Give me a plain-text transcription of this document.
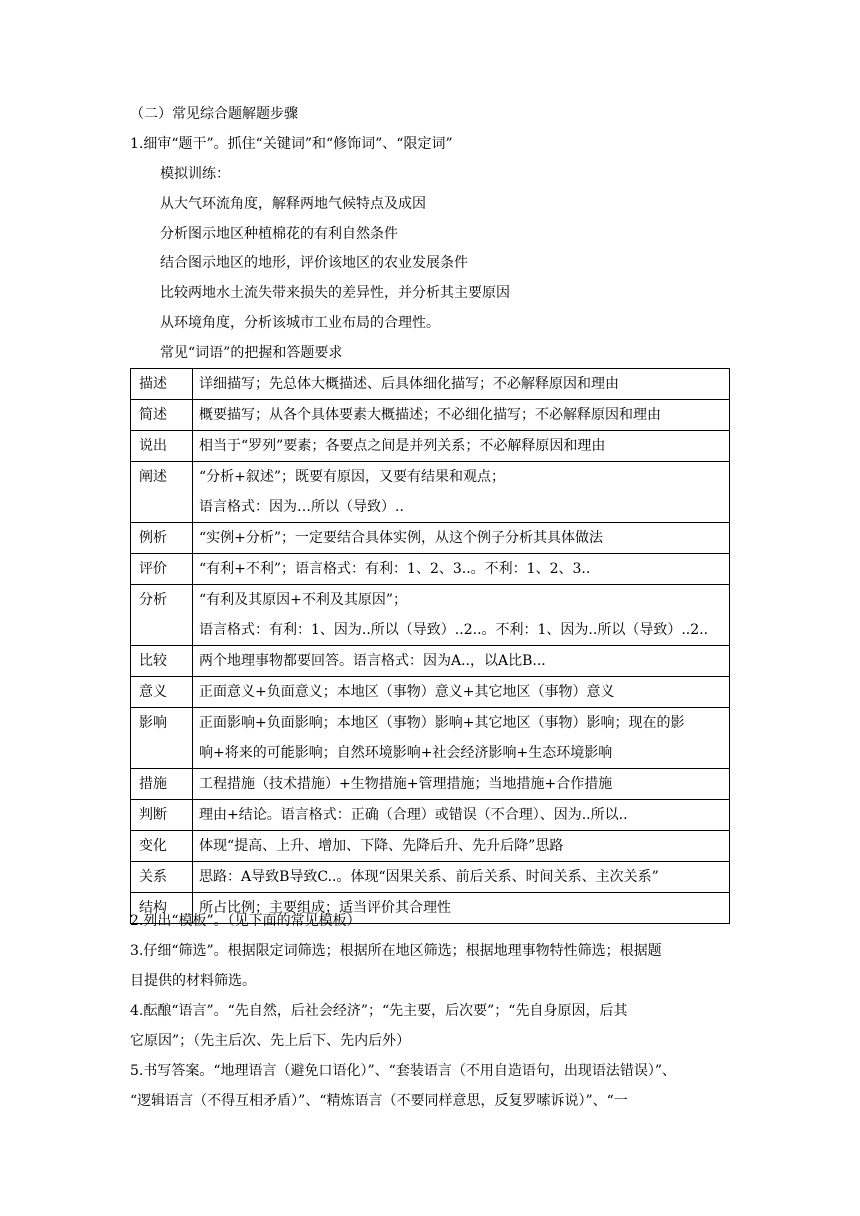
（二）常见综合题解题步骤
1.细审“题干”。抓住“关键词”和“修饰词”、“限定词”
模拟训练：
从大气环流角度，解释两地气候特点及成因
分析图示地区种植棉花的有利自然条件
结合图示地区的地形，评价该地区的农业发展条件
比较两地水土流失带来损失的差异性，并分析其主要原因
从环境角度，分析该城市工业布局的合理性。
常见“词语”的把握和答题要求
描述	详细描写；先总体大概描述、后具体细化描写；不必解释原因和理由

简述	概要描写；从各个具体要素大概描述；不必细化描写；不必解释原因和理由

说出	相当于“罗列”要素；各要点之间是并列关系；不必解释原因和理由

阐述	“分析+叙述”；既要有原因，又要有结果和观点；
语言格式：因为…所以（导致）..

例析	“实例+分析”；一定要结合具体实例，从这个例子分析其具体做法

评价	“有利+不利”；语言格式：有利：1、2、3..。不利：1、2、3..

分析	“有利及其原因+不利及其原因”；
语言格式：有利：1、因为..所以（导致）..2..。不利：1、因为..所以（导致）..2..

比较	两个地理事物都要回答。语言格式：因为A..，以A比B...

意义	正面意义+负面意义；本地区（事物）意义+其它地区（事物）意义

影响	正面影响+负面影响；本地区（事物）影响+其它地区（事物）影响；现在的影
响+将来的可能影响；自然环境影响+社会经济影响+生态环境影响

措施	工程措施（技术措施）+生物措施+管理措施；当地措施+合作措施

判断	理由+结论。语言格式：正确（合理）或错误（不合理）、因为..所以..

变化	体现“提高、上升、增加、下降、先降后升、先升后降”思路

关系	思路：A导致B导致C..。体现“因果关系、前后关系、时间关系、主次关系”

结构	所占比例；主要组成；适当评价其合理性
2.列出“模板”。（见下面的常见模板）
3.仔细“筛选”。根据限定词筛选；根据所在地区筛选；根据地理事物特性筛选；根据题
目提供的材料筛选。
4.酝酿“语言”。“先自然，后社会经济”；“先主要，后次要”；“先自身原因，后其
它原因”；（先主后次、先上后下、先内后外）
5.书写答案。“地理语言（避免口语化）”、“套装语言（不用自造语句，出现语法错误）”、
“逻辑语言（不得互相矛盾）”、“精炼语言（不要同样意思，反复罗嗦诉说）”、“一
